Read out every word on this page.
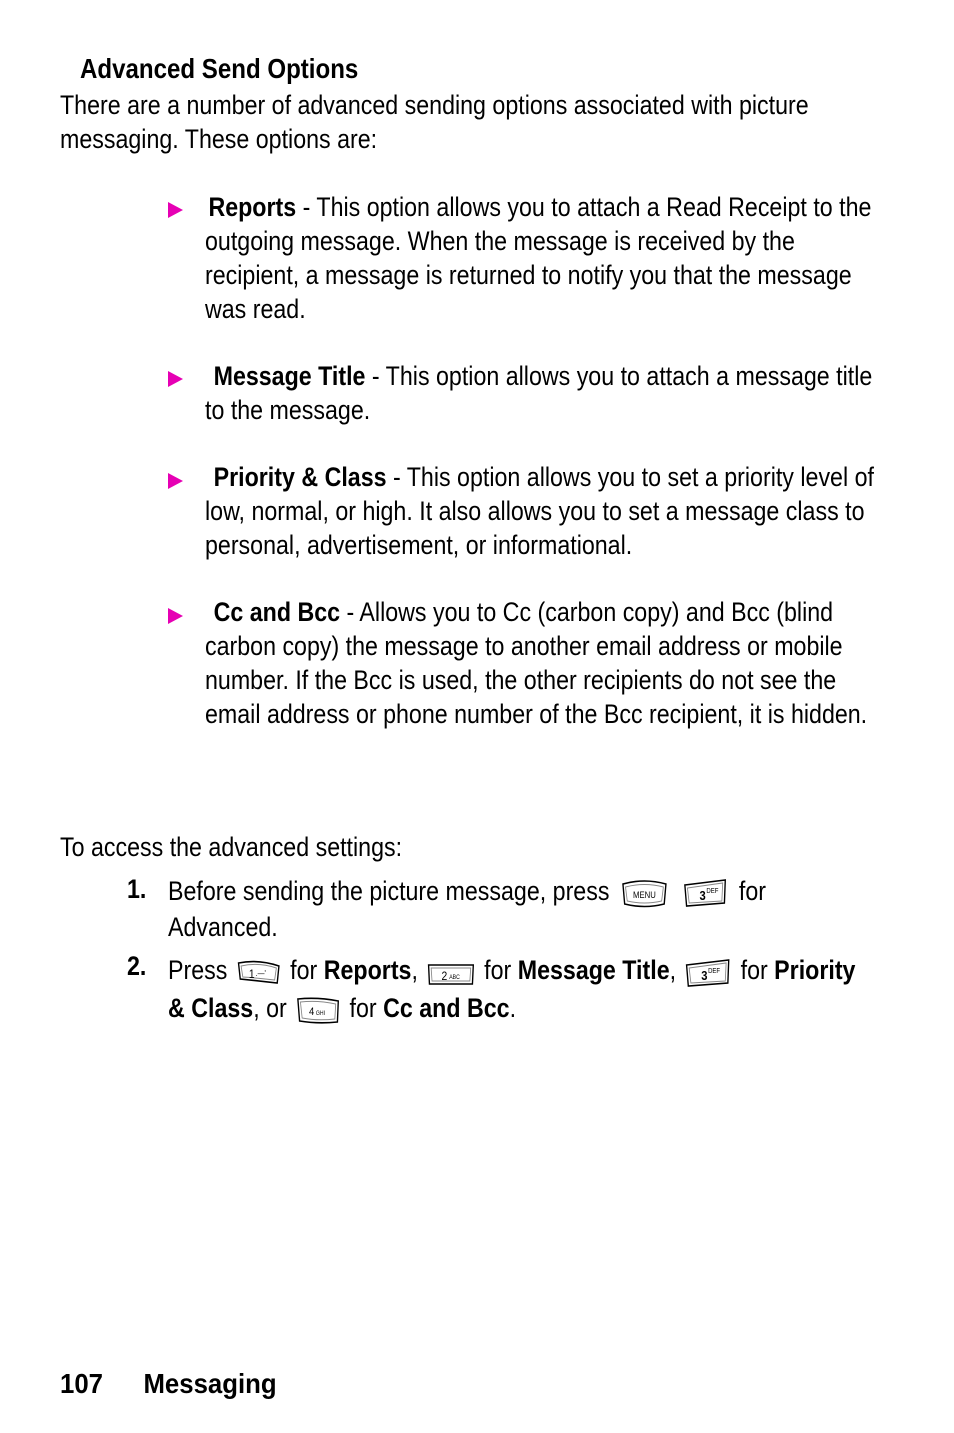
Advanced Send Options
There are a number of advanced sending options associated with picture messaging. These options are:
Reports - This option allows you to attach a Read Receipt to the outgoing message. When the message is received by the recipient, a message is returned to notify you that the message was read.
Message Title - This option allows you to attach a message title to the message.
Priority & Class - This option allows you to set a priority level of low, normal, or high. It also allows you to set a message class to personal, advertisement, or informational.
Cc and Bcc - Allows you to Cc (carbon copy) and Bcc (blind carbon copy) the message to another email address or mobile number. If the Bcc is used, the other recipients do not see the email address or phone number of the Bcc recipient, it is hidden.
To access the advanced settings:
1. Before sending the picture message, press	MENU
	3 DEF for Advanced.
2. Press 1 .—' for Reports, 2 ABC for Message Title, 3 DEF for Priority & Class, or 4 GHI for Cc and Bcc.
107 Messaging
